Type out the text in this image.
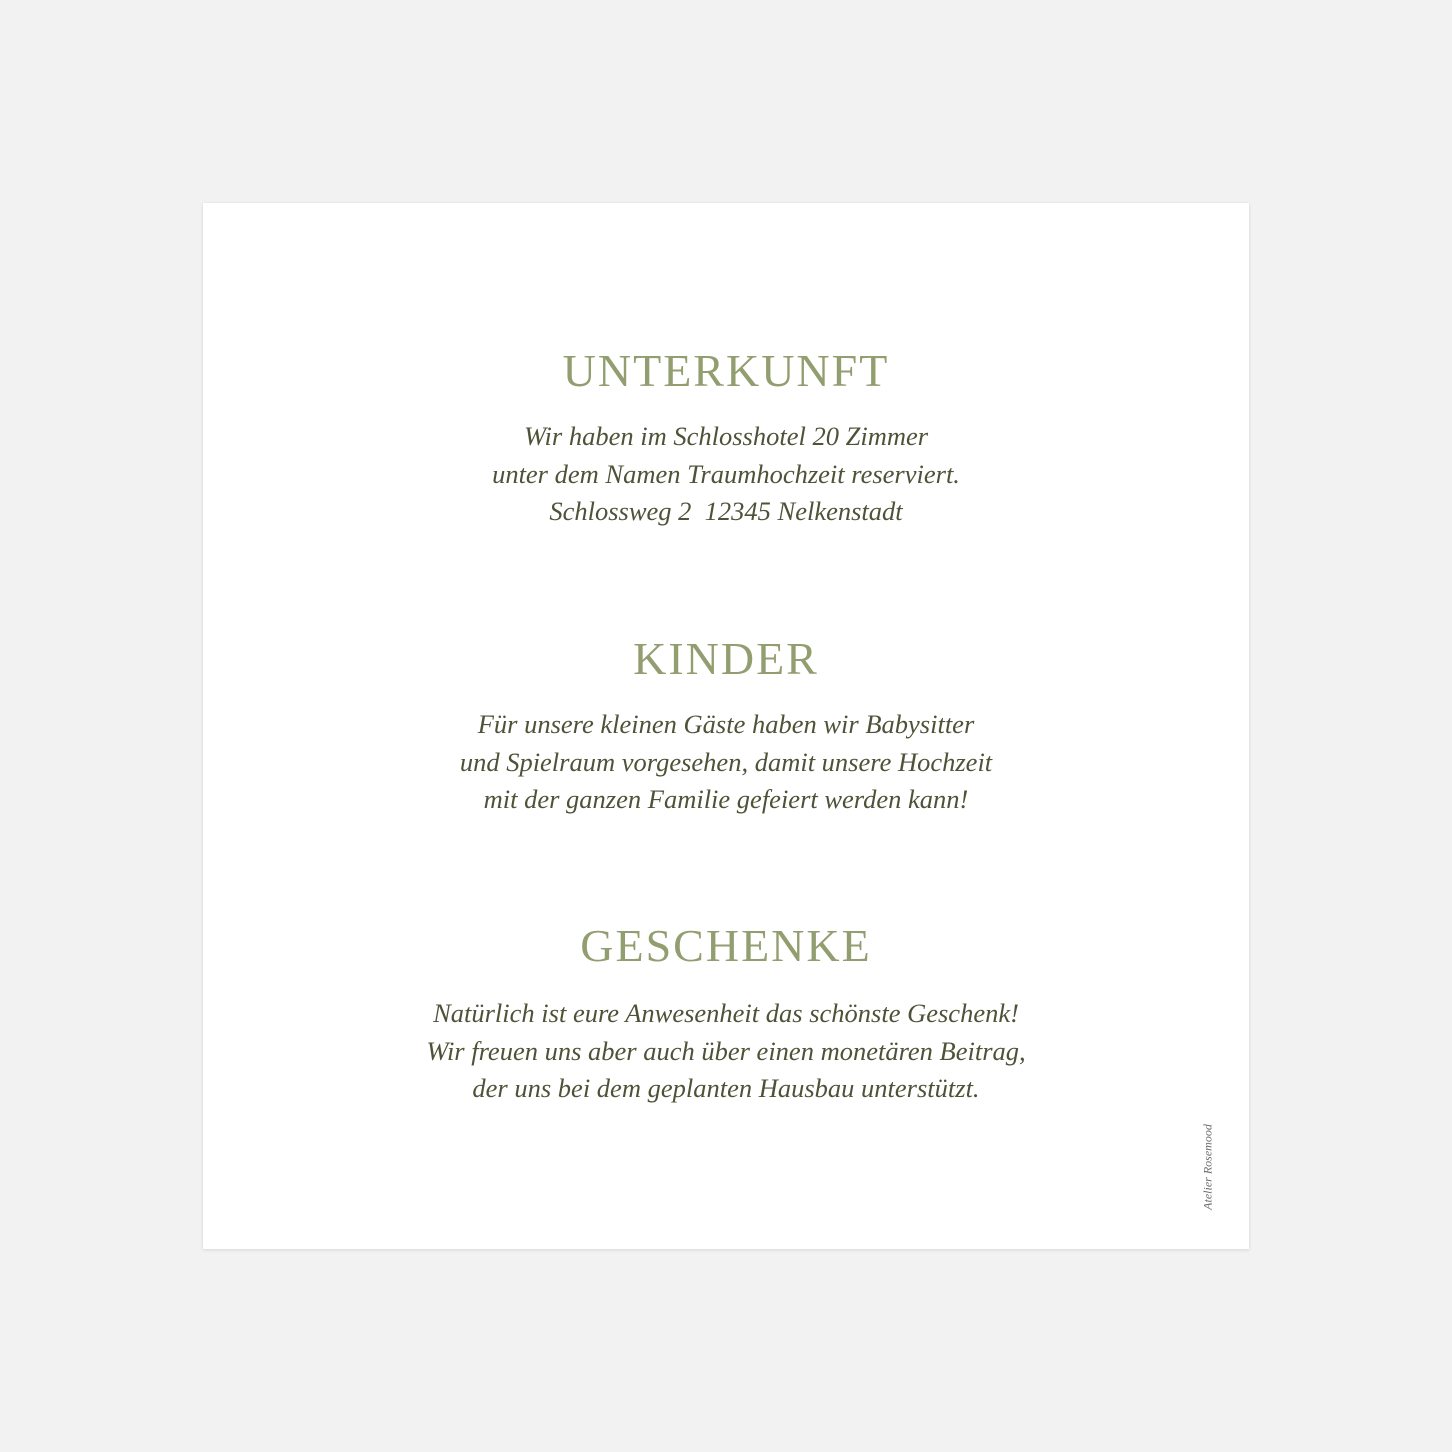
UNTERKUNFT

Wir haben im Schlosshotel 20 Zimmer
unter dem Namen Traumhochzeit reserviert.
Schlossweg 2  12345 Nelkenstadt

KINDER

Für unsere kleinen Gäste haben wir Babysitter
und Spielraum vorgesehen, damit unsere Hochzeit
mit der ganzen Familie gefeiert werden kann!

GESCHENKE

Natürlich ist eure Anwesenheit das schönste Geschenk!
Wir freuen uns aber auch über einen monetären Beitrag,
der uns bei dem geplanten Hausbau unterstützt.

Atelier Rosemood
